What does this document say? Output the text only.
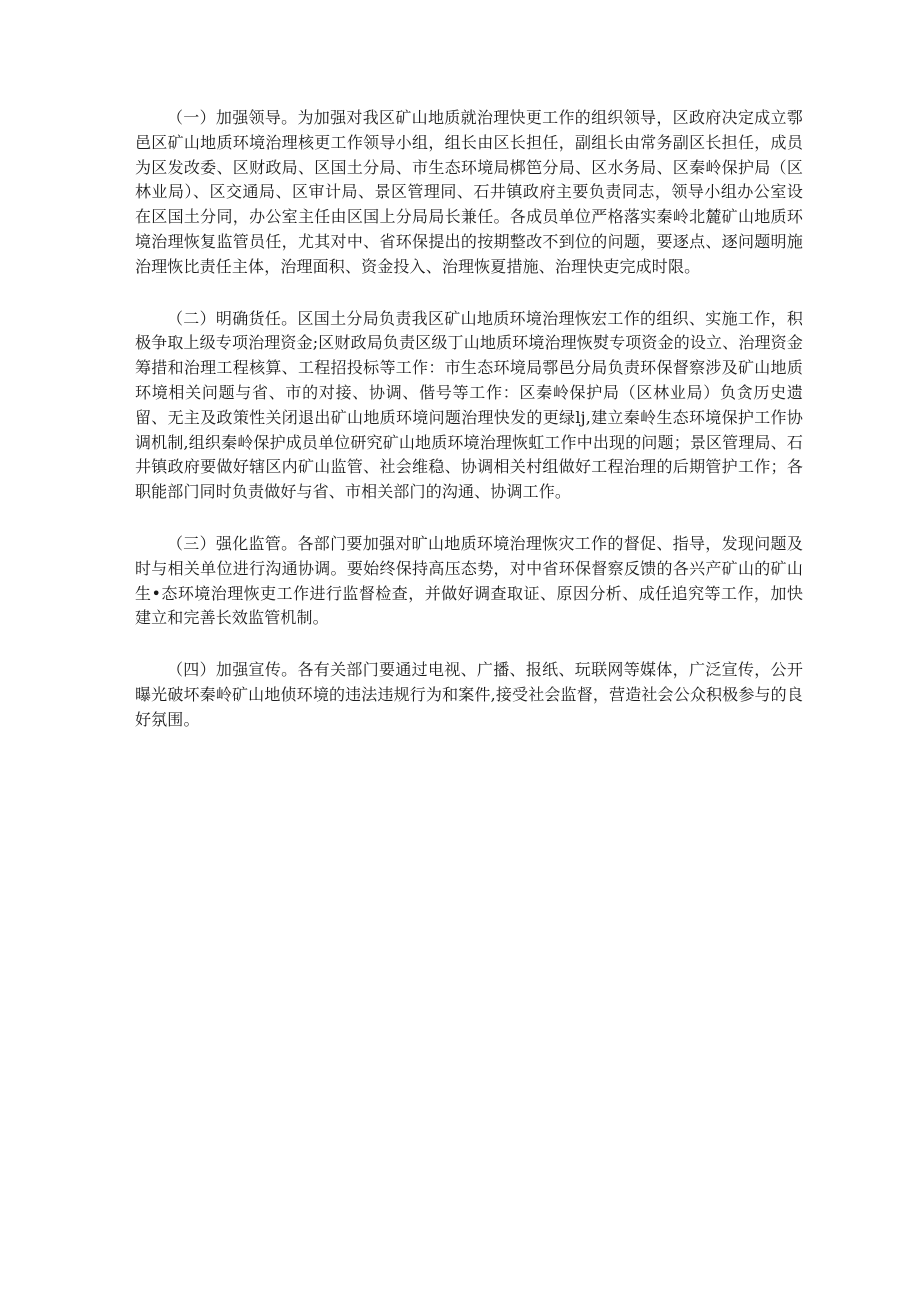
（一）加强领导。为加强对我区矿山地质就治理快更工作的组织领导，区政府决定成立鄠邑区矿山地质环境治理核更工作领导小组，组长由区长担任，副组长由常务副区长担任，成员为区发改委、区财政局、区国土分局、市生态环境局梆笆分局、区水务局、区秦岭保护局（区林业局）、区交通局、区审计局、景区管理同、石井镇政府主要负责同志，领导小组办公室设在区国土分同，办公室主任由区国上分局局长兼任。各成员单位严格落实秦岭北麓矿山地质环境治理恢复监管员任，尤其对中、省环保提出的按期整改不到位的问题，要逐点、逐问题明施治理恢比责任主体，治理面积、资金投入、治理恢夏措施、治理快吏完成时限。

（二）明确货任。区国土分局负责我区矿山地质环境治理恢宏工作的组织、实施工作，积极争取上级专项治理资金;区财政局负责区级丁山地质环境治理恢熨专项资金的设立、治理资金筹措和治理工程核算、工程招投标等工作：市生态环境局鄠邑分局负责环保督察涉及矿山地质环境相关问题与省、市的对接、协调、偕号等工作：区秦岭保护局（区林业局）负贪历史遗留、无主及政策性关闭退出矿山地质环境问题治理快发的更绿lj,建立秦岭生态环境保护工作协调机制,组织秦岭保护成员单位研究矿山地质环境治理恢虹工作中出现的问题；景区管理局、石井镇政府要做好辖区内矿山监管、社会维稳、协调相关村组做好工程治理的后期管护工作；各职能部门同时负责做好与省、市相关部门的沟通、协调工作。

（三）强化监管。各部门要加强对旷山地质环境治理恢灾工作的督促、指导，发现问题及时与相关单位进行沟通协调。要始终保持高压态势，对中省环保督察反馈的各兴产矿山的矿山生•态环境治理恢吏工作进行监督检查，并做好调查取证、原因分析、成任追究等工作，加快建立和完善长效监管机制。

（四）加强宣传。各有关部门要通过电视、广播、报纸、玩联网等媒体，广泛宣传，公开曝光破坏秦岭矿山地侦环境的违法违规行为和案件,接受社会监督，营造社会公众积极参与的良好氛围。
